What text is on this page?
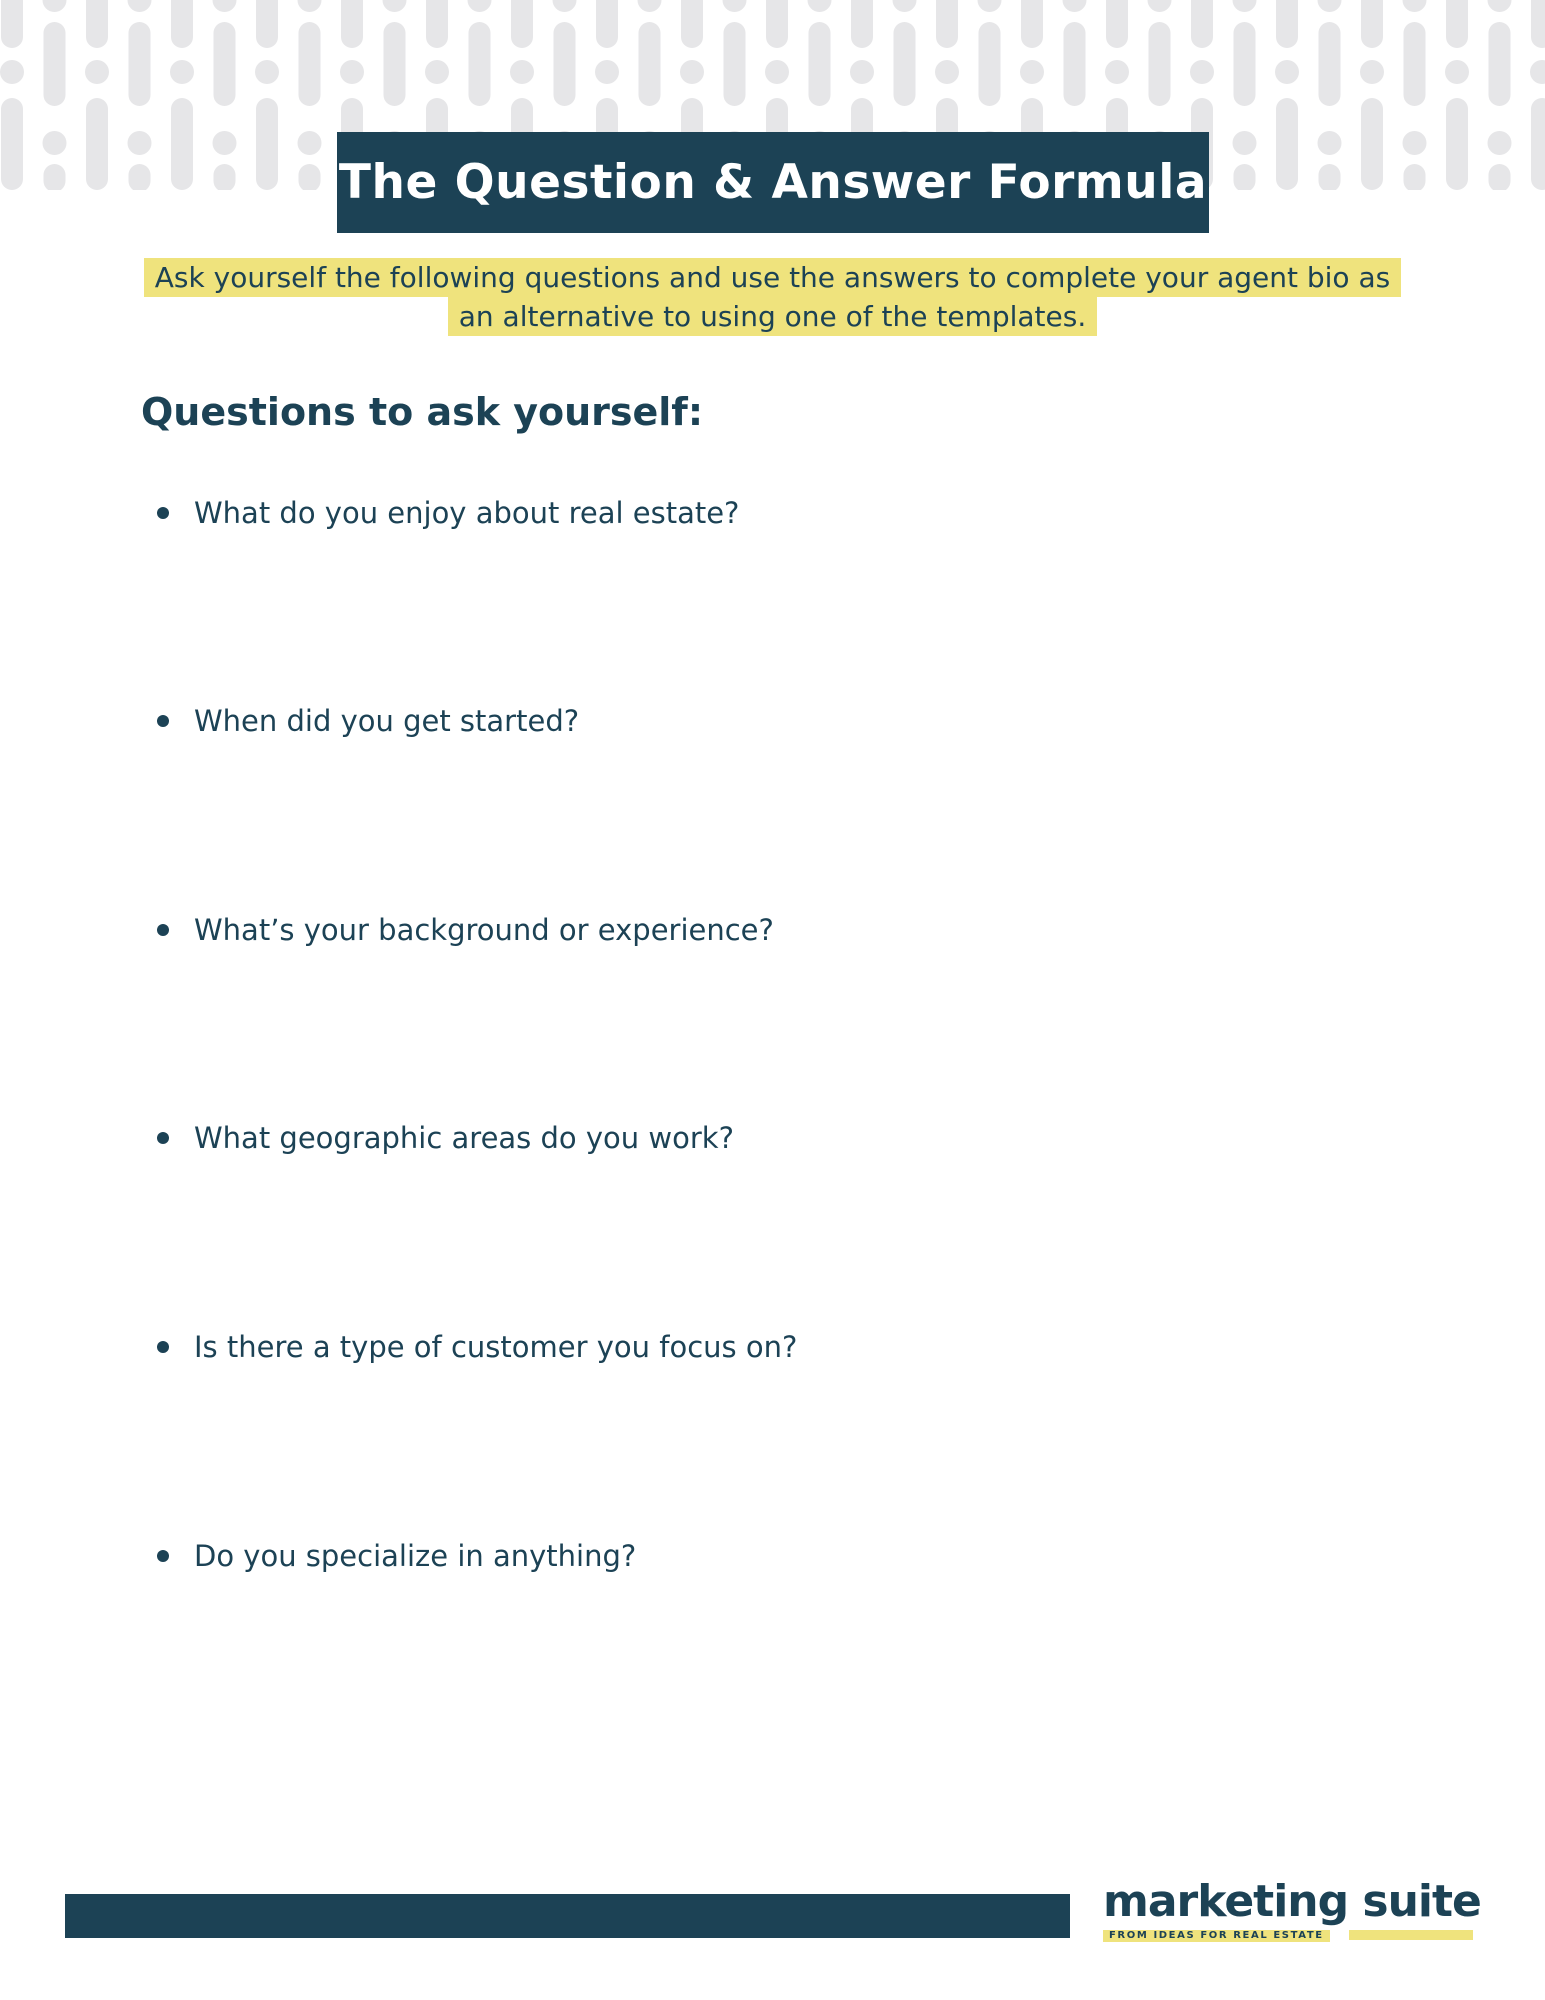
The Question & Answer Formula

Ask yourself the following questions and use the answers to complete your agent bio as an alternative to using one of the templates.

Questions to ask yourself:
What do you enjoy about real estate?
When did you get started?
What’s your background or experience?
What geographic areas do you work?
Is there a type of customer you focus on?
Do you specialize in anything?
marketing suite
FROM IDEAS FOR REAL ESTATE
